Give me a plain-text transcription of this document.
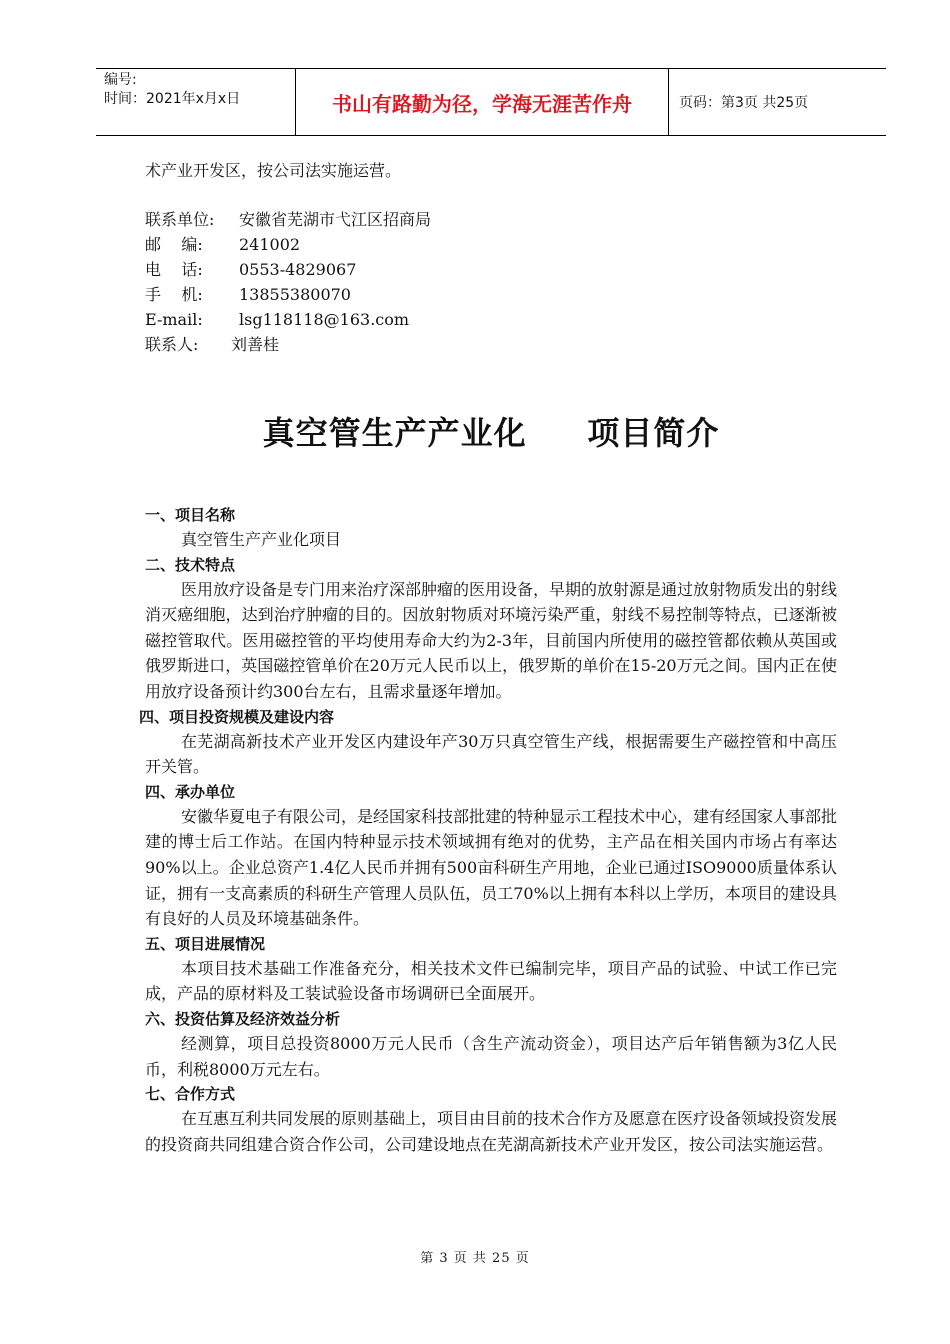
编号:
时间：2021年x月x日	书山有路勤为径，学海无涯苦作舟	页码：第3页 共25页
术产业开发区，按公司法实施运营。
联系单位:	安徽省芜湖市弋江区招商局
邮    编:	241002
电    话:	0553-4829067
手    机:	13855380070
E-mail:	lsg118118@163.com
联系人:	刘善桂
真空管生产产业化     项目简介
一、项目名称
真空管生产产业化项目
二、技术特点
医用放疗设备是专门用来治疗深部肿瘤的医用设备，早期的放射源是通过放射物质发出的射线消灭癌细胞，达到治疗肿瘤的目的。因放射物质对环境污染严重，射线不易控制等特点，已逐渐被磁控管取代。医用磁控管的平均使用寿命大约为2-3年，目前国内所使用的磁控管都依赖从英国或俄罗斯进口，英国磁控管单价在20万元人民币以上，俄罗斯的单价在15-20万元之间。国内正在使用放疗设备预计约300台左右，且需求量逐年增加。
四、项目投资规模及建设内容
在芜湖高新技术产业开发区内建设年产30万只真空管生产线，根据需要生产磁控管和中高压开关管。
四、承办单位
安徽华夏电子有限公司，是经国家科技部批建的特种显示工程技术中心，建有经国家人事部批建的博士后工作站。在国内特种显示技术领域拥有绝对的优势，主产品在相关国内市场占有率达90%以上。企业总资产1.4亿人民币并拥有500亩科研生产用地，企业已通过ISO9000质量体系认证，拥有一支高素质的科研生产管理人员队伍，员工70%以上拥有本科以上学历，本项目的建设具有良好的人员及环境基础条件。
五、项目进展情况
本项目技术基础工作准备充分，相关技术文件已编制完毕，项目产品的试验、中试工作已完成，产品的原材料及工装试验设备市场调研已全面展开。
六、投资估算及经济效益分析
经测算，项目总投资8000万元人民币（含生产流动资金），项目达产后年销售额为3亿人民币，利税8000万元左右。
七、合作方式
在互惠互利共同发展的原则基础上，项目由目前的技术合作方及愿意在医疗设备领域投资发展的投资商共同组建合资合作公司，公司建设地点在芜湖高新技术产业开发区，按公司法实施运营。
第 3 页 共 25 页
